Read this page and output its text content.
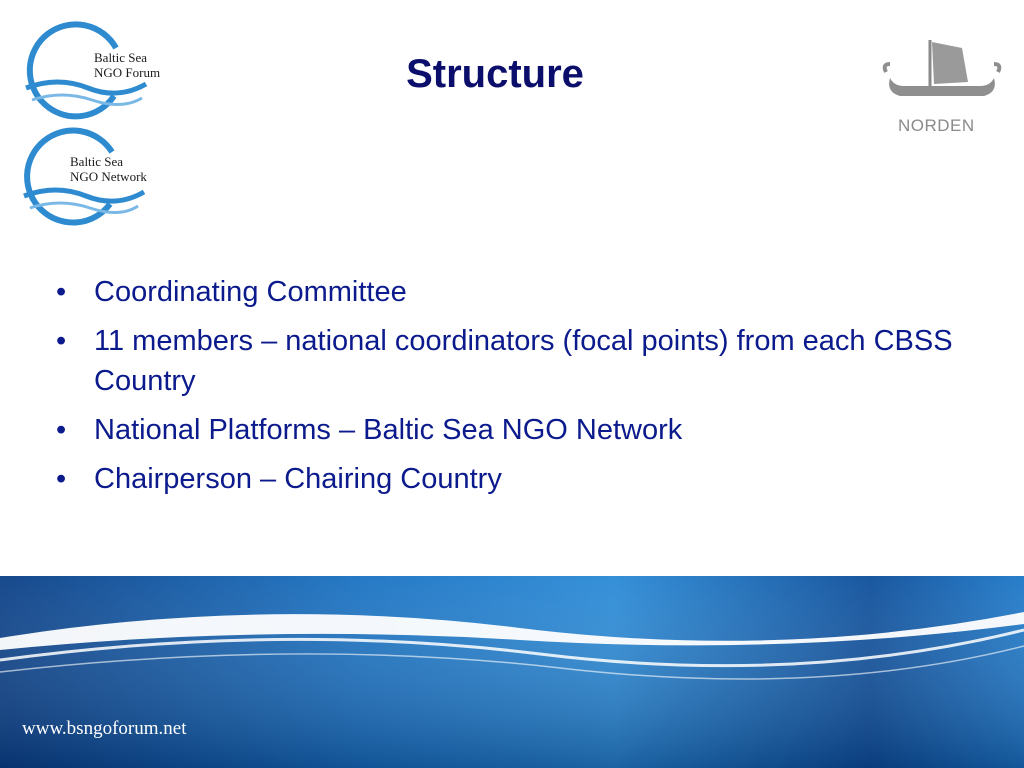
Baltic Sea
NGO Forum
Baltic Sea
NGO Network
Structure
NORDEN
• Coordinating Committee
• 11 members – national coordinators (focal points) from each CBSS Country
• National Platforms – Baltic Sea NGO Network
• Chairperson – Chairing Country
www.bsngoforum.net
